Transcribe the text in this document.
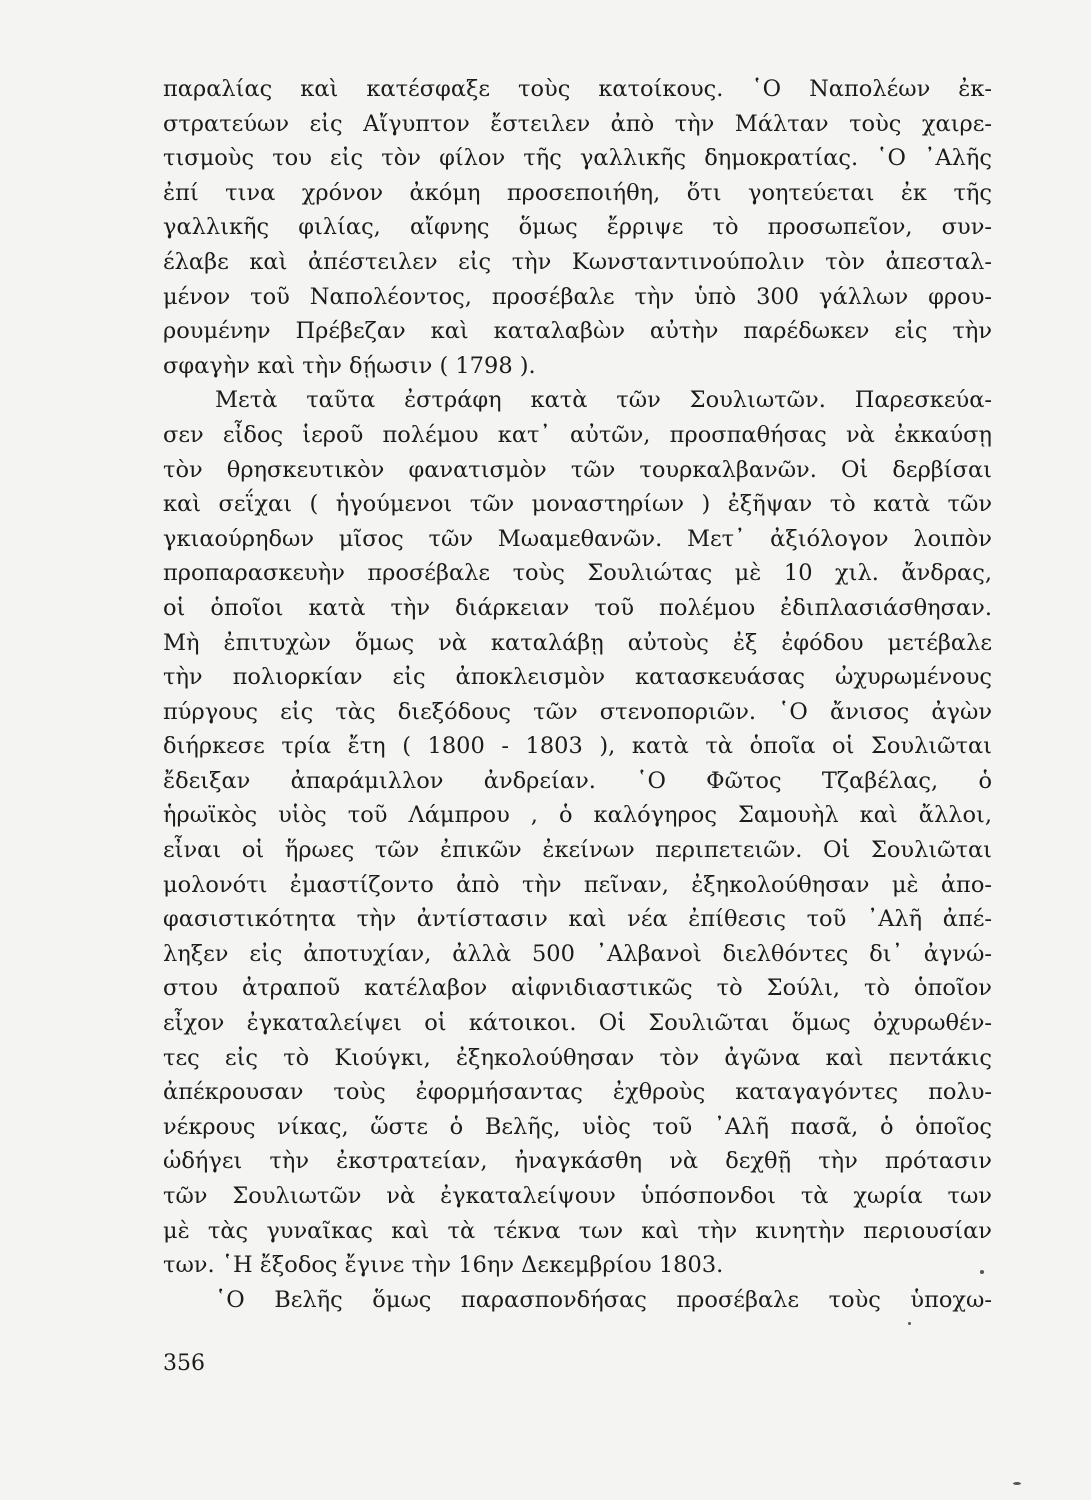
παραλίας καὶ κατέσφαξε τοὺς κατοίκους. ῾Ο Ναπολέων ἐκ-
στρατεύων εἰς Αἴγυπτον ἔστειλεν ἀπὸ τὴν Μάλταν τοὺς χαιρε-
τισμοὺς του εἰς τὸν φίλον τῆς γαλλικῆς δημοκρατίας. ῾Ο ᾿Αλῆς
ἐπί τινα χρόνον ἀκόμη προσεποιήθη, ὅτι γοητεύεται ἐκ τῆς
γαλλικῆς φιλίας, αἴφνης ὅμως ἔρριψε τὸ προσωπεῖον, συν-
έλαβε καὶ ἀπέστειλεν εἰς τὴν Κωνσταντινούπολιν τὸν ἀπεσταλ-
μένον τοῦ Ναπολέοντος, προσέβαλε τὴν ὑπὸ 300 γάλλων φρου-
ρουμένην Πρέβεζαν καὶ καταλαβὼν αὐτὴν παρέδωκεν εἰς τὴν
σφαγὴν καὶ τὴν δῄωσιν ( 1798 ).
Μετὰ ταῦτα ἐστράφη κατὰ τῶν Σουλιωτῶν. Παρεσκεύα-
σεν εἶδος ἱεροῦ πολέμου κατ᾿ αὐτῶν, προσπαθήσας νὰ ἐκκαύσῃ
τὸν θρησκευτικὸν φανατισμὸν τῶν τουρκαλβανῶν. Οἱ δερβίσαι
καὶ σεΐχαι ( ἡγούμενοι τῶν μοναστηρίων ) ἐξῆψαν τὸ κατὰ τῶν
γκιαούρηδων μῖσος τῶν Μωαμεθανῶν. Μετ᾿ ἀξιόλογον λοιπὸν
προπαρασκευὴν προσέβαλε τοὺς Σουλιώτας μὲ 10 χιλ. ἄνδρας,
οἱ ὁποῖοι κατὰ τὴν διάρκειαν τοῦ πολέμου ἐδιπλασιάσθησαν.
Μὴ ἐπιτυχὼν ὅμως νὰ καταλάβῃ αὐτοὺς ἐξ ἐφόδου μετέβαλε
τὴν πολιορκίαν εἰς ἀποκλεισμὸν κατασκευάσας ὠχυρωμένους
πύργους εἰς τὰς διεξόδους τῶν στενοποριῶν. ῾Ο ἄνισος ἀγὼν
διήρκεσε τρία ἔτη ( 1800 - 1803 ), κατὰ τὰ ὁποῖα οἱ Σουλιῶται
ἔδειξαν ἀπαράμιλλον ἀνδρείαν. ῾Ο Φῶτος Τζαβέλας, ὁ
ἡρωϊκὸς υἱὸς τοῦ Λάμπρου , ὁ καλόγηρος Σαμουὴλ καὶ ἄλλοι,
εἶναι οἱ ἥρωες τῶν ἐπικῶν ἐκείνων περιπετειῶν. Οἱ Σουλιῶται
μολονότι ἐμαστίζοντο ἀπὸ τὴν πεῖναν, ἐξηκολούθησαν μὲ ἀπο-
φασιστικότητα τὴν ἀντίστασιν καὶ νέα ἐπίθεσις τοῦ ᾿Αλῆ ἀπέ-
ληξεν εἰς ἀποτυχίαν, ἀλλὰ 500 ᾿Αλβανοὶ διελθόντες δι᾿ ἀγνώ-
στου ἀτραποῦ κατέλαβον αἰφνιδιαστικῶς τὸ Σούλι, τὸ ὁποῖον
εἶχον ἐγκαταλείψει οἱ κάτοικοι. Οἱ Σουλιῶται ὅμως ὀχυρωθέν-
τες εἰς τὸ Κιούγκι, ἐξηκολούθησαν τὸν ἀγῶνα καὶ πεντάκις
ἀπέκρουσαν τοὺς ἐφορμήσαντας ἐχθροὺς καταγαγόντες πολυ-
νέκρους νίκας, ὥστε ὁ Βελῆς, υἱὸς τοῦ ᾿Αλῆ πασᾶ, ὁ ὁποῖος
ὡδήγει τὴν ἐκστρατείαν, ἠναγκάσθη νὰ δεχθῇ τὴν πρότασιν
τῶν Σουλιωτῶν νὰ ἐγκαταλείψουν ὑπόσπονδοι τὰ χωρία των
μὲ τὰς γυναῖκας καὶ τὰ τέκνα των καὶ τὴν κινητὴν περιουσίαν
των. ῾Η ἔξοδος ἔγινε τὴν 16ην Δεκεμβρίου 1803.
῾Ο Βελῆς ὅμως παρασπονδήσας προσέβαλε τοὺς ὑποχω-
356
